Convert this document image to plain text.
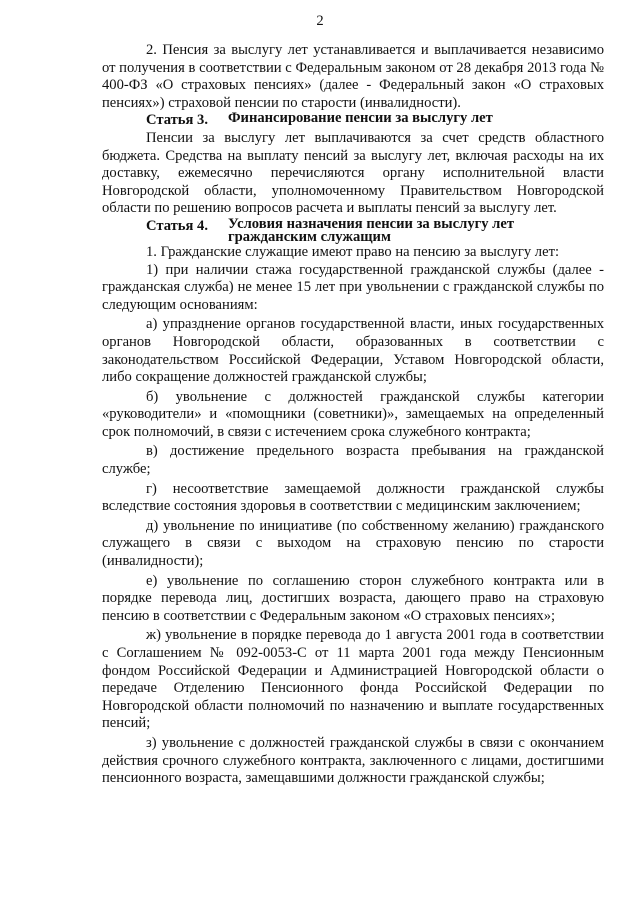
2

2. Пенсия за выслугу лет устанавливается и выплачивается независимо от получения в соответствии с Федеральным законом от 28 декабря 2013 года № 400-ФЗ «О страховых пенсиях» (далее - Федеральный закон «О страховых пенсиях») страховой пенсии по старости (инвалидности).

Статья 3.	Финансирование пенсии за выслугу лет

Пенсии за выслугу лет выплачиваются за счет средств областного бюджета. Средства на выплату пенсий за выслугу лет, включая расходы на их доставку, ежемесячно перечисляются органу исполнительной власти Новгородской области, уполномоченному Правительством Новгородской области по решению вопросов расчета и выплаты пенсий за выслугу лет.

Статья 4.	Условия назначения пенсии за выслугу лет
гражданским служащим

1. Гражданские служащие имеют право на пенсию за выслугу лет:

1) при наличии стажа государственной гражданской службы (далее - гражданская служба) не менее 15 лет при увольнении с гражданской службы по следующим основаниям:

а) упразднение органов государственной власти, иных государственных органов Новгородской области, образованных в соответствии с законодательством Российской Федерации, Уставом Новгородской области, либо сокращение должностей гражданской службы;

б) увольнение с должностей гражданской службы категории «руководители» и «помощники (советники)», замещаемых на определенный срок полномочий, в связи с истечением срока служебного контракта;

в) достижение предельного возраста пребывания на гражданской службе;

г) несоответствие замещаемой должности гражданской службы вследствие состояния здоровья в соответствии с медицинским заключением;

д) увольнение по инициативе (по собственному желанию) гражданского служащего в связи с выходом на страховую пенсию по старости (инвалидности);

е) увольнение по соглашению сторон служебного контракта или в порядке перевода лиц, достигших возраста, дающего право на страховую пенсию в соответствии с Федеральным законом «О страховых пенсиях»;

ж) увольнение в порядке перевода до 1 августа 2001 года в соответствии с Соглашением № 092-0053-С от 11 марта 2001 года между Пенсионным фондом Российской Федерации и Администрацией Новгородской области о передаче Отделению Пенсионного фонда Российской Федерации по Новгородской области полномочий по назначению и выплате государственных пенсий;

з) увольнение с должностей гражданской службы в связи с окончанием действия срочного служебного контракта, заключенного с лицами, достигшими пенсионного возраста, замещавшими должности гражданской службы;
